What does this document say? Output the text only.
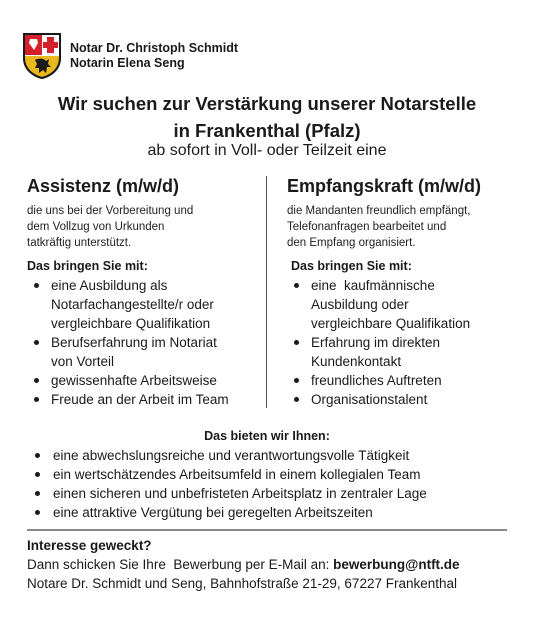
Notar Dr. Christoph Schmidt
Notarin Elena Seng
Wir suchen zur Verstärkung unserer Notarstelle
in Frankenthal (Pfalz)
ab sofort in Voll- oder Teilzeit eine
Assistenz (m/w/d)
die uns bei der Vorbereitung und
dem Vollzug von Urkunden
tatkräftig unterstützt.
Das bringen Sie mit:
eine Ausbildung als
Notarfachangestellte/r oder
vergleichbare Qualifikation
Berufserfahrung im Notariat
von Vorteil
gewissenhafte Arbeitsweise
Freude an der Arbeit im Team
Empfangskraft (m/w/d)
die Mandanten freundlich empfängt,
Telefonanfragen bearbeitet und
den Empfang organisiert.
Das bringen Sie mit:
eine  kaufmännische
Ausbildung oder
vergleichbare Qualifikation
Erfahrung im direkten
Kundenkontakt
freundliches Auftreten
Organisationstalent
Das bieten wir Ihnen:
eine abwechslungsreiche und verantwortungsvolle Tätigkeit
ein wertschätzendes Arbeitsumfeld in einem kollegialen Team
einen sicheren und unbefristeten Arbeitsplatz in zentraler Lage
eine attraktive Vergütung bei geregelten Arbeitszeiten
Interesse geweckt?
Dann schicken Sie Ihre  Bewerbung per E-Mail an: bewerbung@ntft.de
Notare Dr. Schmidt und Seng, Bahnhofstraße 21-29, 67227 Frankenthal
